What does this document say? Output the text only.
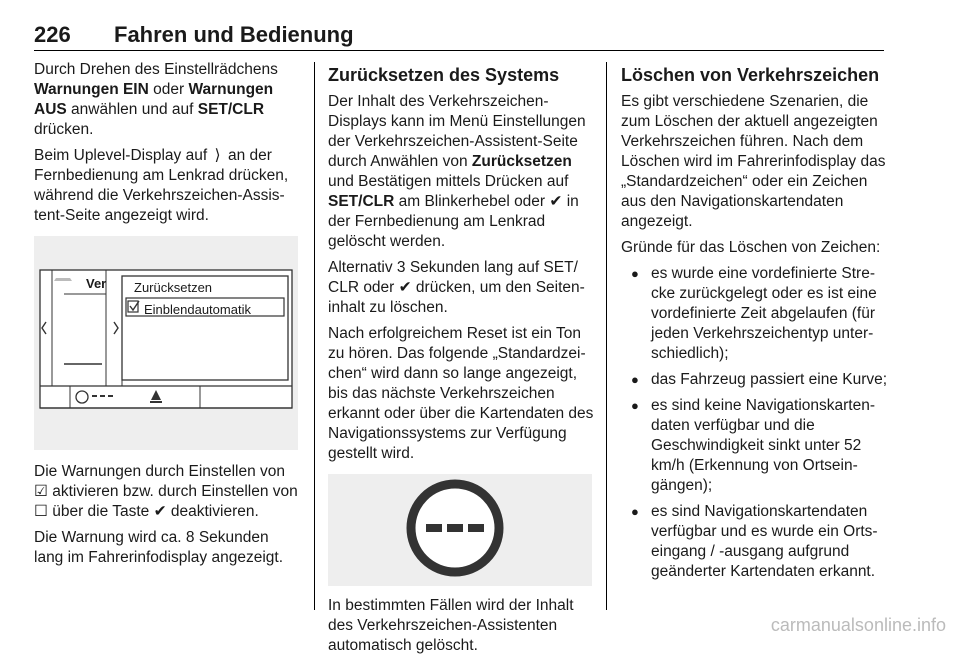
226 Fahren und Bedienung

Durch Drehen des Einstellrädchens Warnungen EIN oder Warnungen AUS anwählen und auf SET/CLR drücken.

Beim Uplevel-Display auf  ⟩  an der Fernbedienung am Lenkrad drücken, während die Verkehrszeichen-Assistent-Seite angezeigt wird.

Ver Zurücksetzen
Einblendautomatik

Die Warnungen durch Einstellen von ☑ aktivieren bzw. durch Einstellen von ☐ über die Taste ✔ deaktivieren.

Die Warnung wird ca. 8 Sekunden lang im Fahrerinfodisplay angezeigt.

Zurücksetzen des Systems

Der Inhalt des Verkehrszeichen-Displays kann im Menü Einstellungen der Verkehrszeichen-Assistent-Seite durch Anwählen von Zurücksetzen und Bestätigen mittels Drücken auf SET/CLR am Blinkerhebel oder ✔ in der Fernbedienung am Lenkrad gelöscht werden.

Alternativ 3 Sekunden lang auf SET/ CLR oder ✔ drücken, um den Seiteninhalt zu löschen.

Nach erfolgreichem Reset ist ein Ton zu hören. Das folgende „Standardzeichen“ wird dann so lange angezeigt, bis das nächste Verkehrszeichen erkannt oder über die Kartendaten des Navigationssystems zur Verfügung gestellt wird.

In bestimmten Fällen wird der Inhalt des Verkehrszeichen-Assistenten automatisch gelöscht.

Löschen von Verkehrszeichen

Es gibt verschiedene Szenarien, die zum Löschen der aktuell angezeigten Verkehrszeichen führen. Nach dem Löschen wird im Fahrerinfodisplay das „Standardzeichen“ oder ein Zeichen aus den Navigationskartendaten angezeigt.

Gründe für das Löschen von Zeichen:

● es wurde eine vordefinierte Strecke zurückgelegt oder es ist eine vordefinierte Zeit abgelaufen (für jeden Verkehrszeichentyp unterschiedlich);
● das Fahrzeug passiert eine Kurve;
● es sind keine Navigationskartendaten verfügbar und die Geschwindigkeit sinkt unter 52 km/h (Erkennung von Ortseingängen);
● es sind Navigationskartendaten verfügbar und es wurde ein Ortseingang / -ausgang aufgrund geänderter Kartendaten erkannt.
carmanualsonline.info
